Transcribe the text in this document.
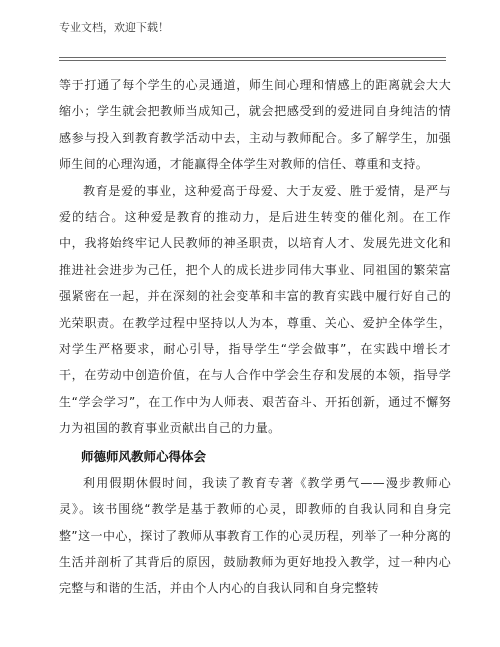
专业文档，欢迎下载！

等于打通了每个学生的心灵通道，师生间心理和情感上的距离就会大大缩小；学生就会把教师当成知己，就会把感受到的爱进同自身纯洁的情感参与投入到教育教学活动中去，主动与教师配合。多了解学生，加强师生间的心理沟通，才能赢得全体学生对教师的信任、尊重和支持。

教育是爱的事业，这种爱高于母爱、大于友爱、胜于爱情，是严与爱的结合。这种爱是教育的推动力，是后进生转变的催化剂。在工作中，我将始终牢记人民教师的神圣职责，以培育人才、发展先进文化和推进社会进步为己任，把个人的成长进步同伟大事业、同祖国的繁荣富强紧密在一起，并在深刻的社会变革和丰富的教育实践中履行好自己的光荣职责。在教学过程中坚持以人为本，尊重、关心、爱护全体学生，对学生严格要求，耐心引导，指导学生“学会做事”，在实践中增长才干，在劳动中创造价值，在与人合作中学会生存和发展的本领，指导学生“学会学习”，在工作中为人师表、艰苦奋斗、开拓创新，通过不懈努力为祖国的教育事业贡献出自己的力量。

师德师风教师心得体会

利用假期休假时间，我读了教育专著《教学勇气——漫步教师心灵》。该书围绕“教学是基于教师的心灵，即教师的自我认同和自身完整”这一中心，探讨了教师从事教育工作的心灵历程，列举了一种分离的生活并剖析了其背后的原因，鼓励教师为更好地投入教学，过一种内心完整与和谐的生活，并由个人内心的自我认同和自身完整转
